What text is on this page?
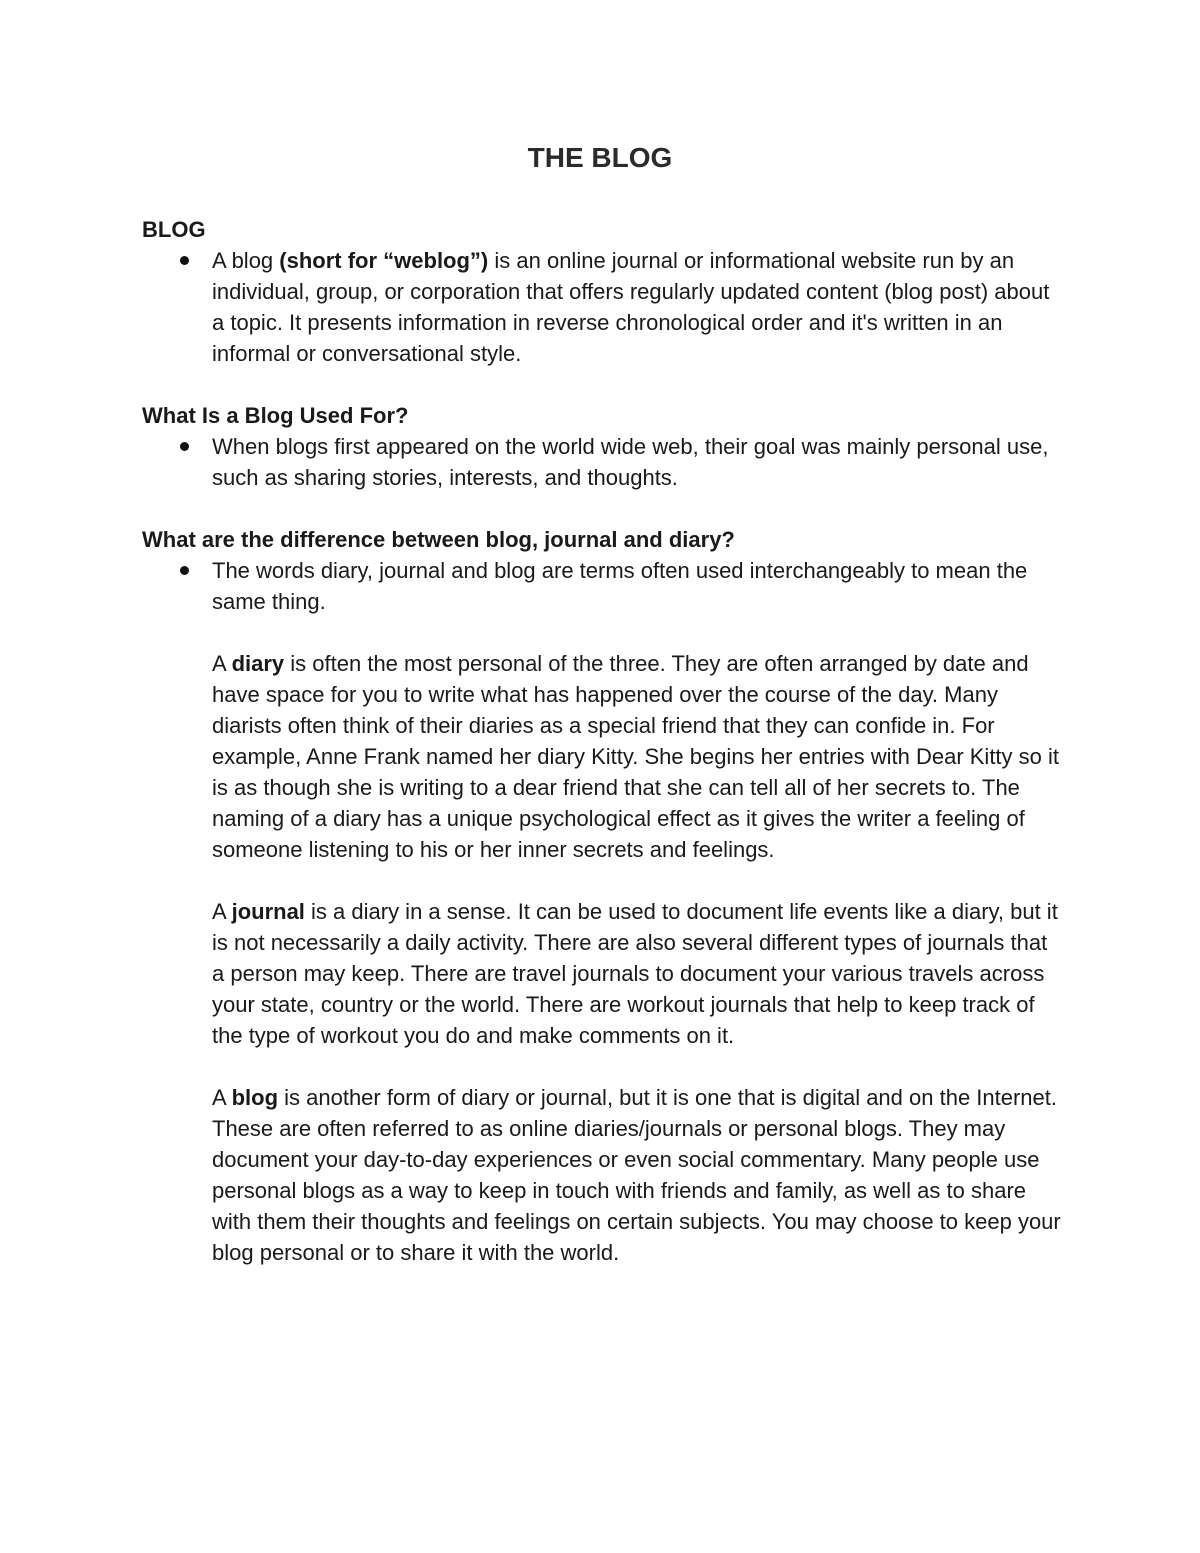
THE BLOG
BLOG
A blog (short for “weblog”) is an online journal or informational website run by an individual, group, or corporation that offers regularly updated content (blog post) about a topic. It presents information in reverse chronological order and it's written in an informal or conversational style.
What Is a Blog Used For?
When blogs first appeared on the world wide web, their goal was mainly personal use, such as sharing stories, interests, and thoughts.
What are the difference between blog, journal and diary?
The words diary, journal and blog are terms often used interchangeably to mean the same thing.
A diary is often the most personal of the three. They are often arranged by date and have space for you to write what has happened over the course of the day. Many diarists often think of their diaries as a special friend that they can confide in. For example, Anne Frank named her diary Kitty. She begins her entries with Dear Kitty so it is as though she is writing to a dear friend that she can tell all of her secrets to. The naming of a diary has a unique psychological effect as it gives the writer a feeling of someone listening to his or her inner secrets and feelings.
A journal is a diary in a sense. It can be used to document life events like a diary, but it is not necessarily a daily activity. There are also several different types of journals that a person may keep. There are travel journals to document your various travels across your state, country or the world. There are workout journals that help to keep track of the type of workout you do and make comments on it.
A blog is another form of diary or journal, but it is one that is digital and on the Internet. These are often referred to as online diaries/journals or personal blogs. They may document your day-to-day experiences or even social commentary. Many people use personal blogs as a way to keep in touch with friends and family, as well as to share with them their thoughts and feelings on certain subjects. You may choose to keep your blog personal or to share it with the world.
